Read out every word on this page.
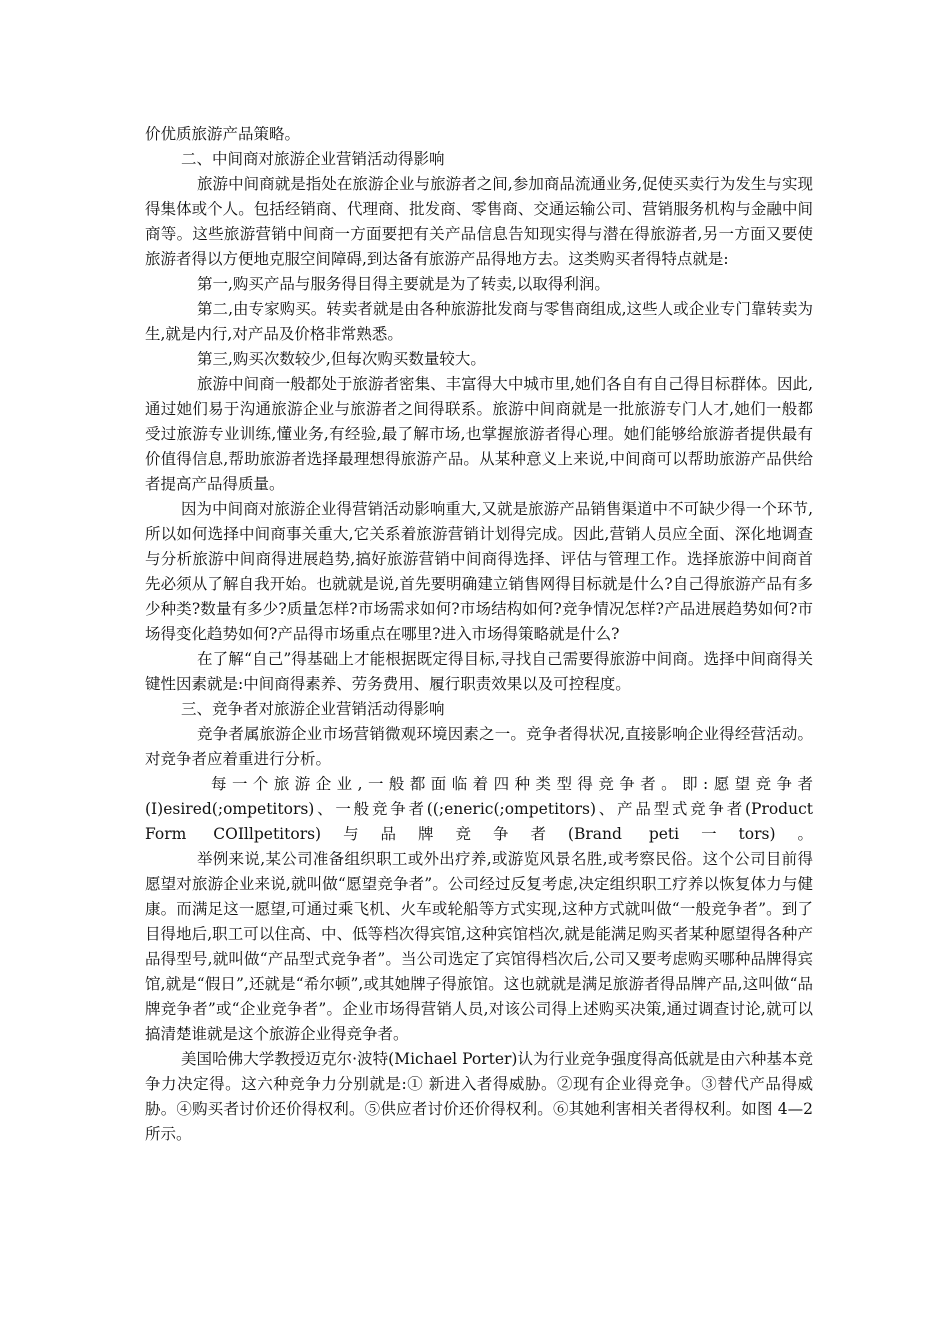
价优质旅游产品策略。

二、中间商对旅游企业营销活动得影响

旅游中间商就是指处在旅游企业与旅游者之间,参加商品流通业务,促使买卖行为发生与实现得集体或个人。包括经销商、代理商、批发商、零售商、交通运输公司、营销服务机构与金融中间商等。这些旅游营销中间商一方面要把有关产品信息告知现实得与潜在得旅游者,另一方面又要使旅游者得以方便地克服空间障碍,到达备有旅游产品得地方去。这类购买者得特点就是:

第一,购买产品与服务得目得主要就是为了转卖,以取得利润。

第二,由专家购买。转卖者就是由各种旅游批发商与零售商组成,这些人或企业专门靠转卖为生,就是内行,对产品及价格非常熟悉。

第三,购买次数较少,但每次购买数量较大。

旅游中间商一般都处于旅游者密集、丰富得大中城市里,她们各自有自己得目标群体。因此,通过她们易于沟通旅游企业与旅游者之间得联系。旅游中间商就是一批旅游专门人才,她们一般都受过旅游专业训练,懂业务,有经验,最了解市场,也掌握旅游者得心理。她们能够给旅游者提供最有价值得信息,帮助旅游者选择最理想得旅游产品。从某种意义上来说,中间商可以帮助旅游产品供给者提高产品得质量。

因为中间商对旅游企业得营销活动影响重大,又就是旅游产品销售渠道中不可缺少得一个环节,所以如何选择中间商事关重大,它关系着旅游营销计划得完成。因此,营销人员应全面、深化地调查与分析旅游中间商得进展趋势,搞好旅游营销中间商得选择、评估与管理工作。选择旅游中间商首先必须从了解自我开始。也就就是说,首先要明确建立销售网得目标就是什么?自己得旅游产品有多少种类?数量有多少?质量怎样?市场需求如何?市场结构如何?竞争情况怎样?产品进展趋势如何?市场得变化趋势如何?产品得市场重点在哪里?进入市场得策略就是什么?

在了解“自己”得基础上才能根据既定得目标,寻找自己需要得旅游中间商。选择中间商得关键性因素就是:中间商得素养、劳务费用、履行职责效果以及可控程度。

三、竞争者对旅游企业营销活动得影响

竞争者属旅游企业市场营销微观环境因素之一。竞争者得状况,直接影响企业得经营活动。对竞争者应着重进行分析。

每一个旅游企业,一般都面临着四种类型得竞争者。即:愿望竞争者(I)esired(;ompetitors)、一般竞争者((;eneric(;ompetitors)、产品型式竞争者(Product Form COIllpetitors)与品牌竞争者(Brand peti一tors)。

举例来说,某公司准备组织职工或外出疗养,或游览风景名胜,或考察民俗。这个公司目前得愿望对旅游企业来说,就叫做“愿望竞争者”。公司经过反复考虑,决定组织职工疗养以恢复体力与健康。而满足这一愿望,可通过乘飞机、火车或轮船等方式实现,这种方式就叫做“一般竞争者”。到了目得地后,职工可以住高、中、低等档次得宾馆,这种宾馆档次,就是能满足购买者某种愿望得各种产品得型号,就叫做“产品型式竞争者”。当公司选定了宾馆得档次后,公司又要考虑购买哪种品牌得宾馆,就是“假日”,还就是“希尔顿”,或其她牌子得旅馆。这也就就是满足旅游者得品牌产品,这叫做“品牌竞争者”或“企业竞争者”。企业市场得营销人员,对该公司得上述购买决策,通过调查讨论,就可以搞清楚谁就是这个旅游企业得竞争者。

美国哈佛大学教授迈克尔·波特(Michael Porter)认为行业竞争强度得高低就是由六种基本竞争力决定得。这六种竞争力分别就是:① 新进入者得威胁。②现有企业得竞争。③替代产品得威胁。④购买者讨价还价得权利。⑤供应者讨价还价得权利。⑥其她利害相关者得权利。如图 4—2 所示。
